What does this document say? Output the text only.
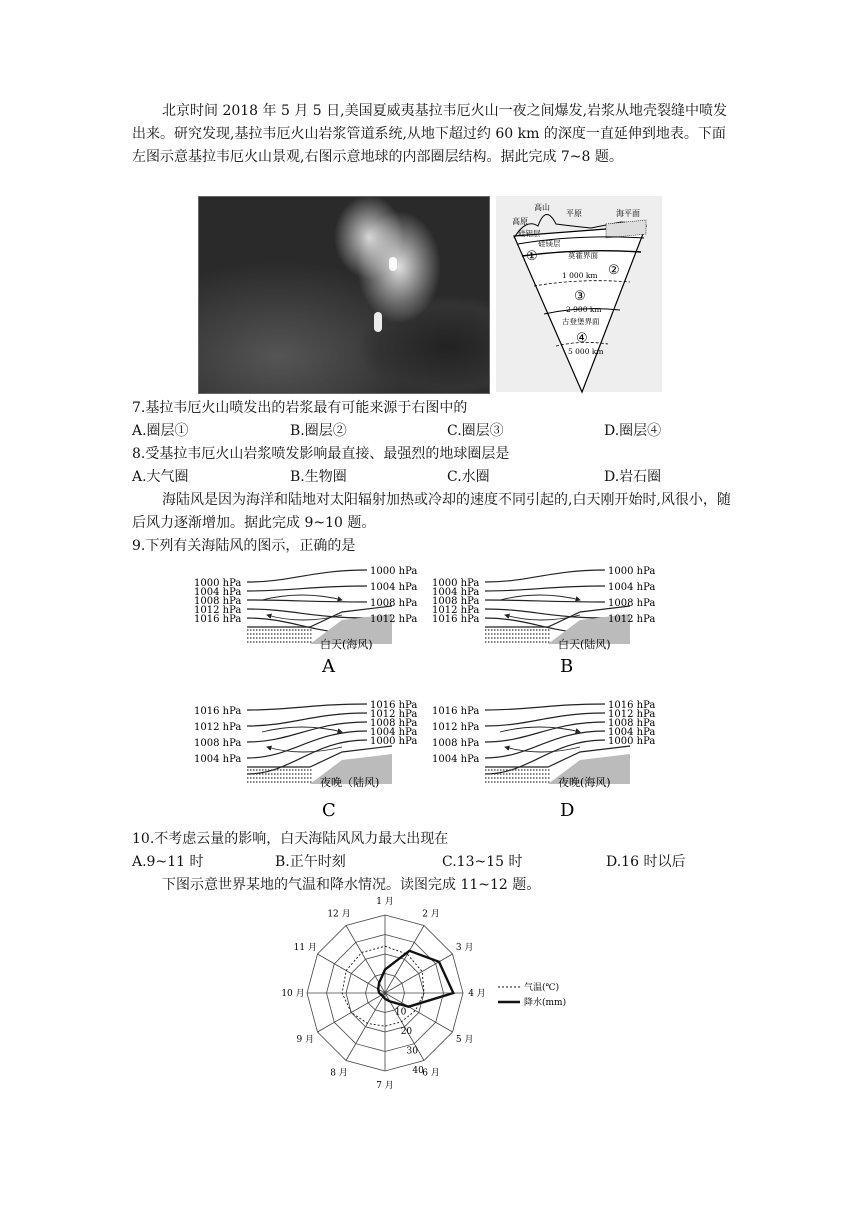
北京时间 2018 年 5 月 5 日,美国夏威夷基拉韦厄火山一夜之间爆发,岩浆从地壳裂缝中喷发出来。研究发现,基拉韦厄火山岩浆管道系统,从地下超过约 60 km 的深度一直延伸到地表。下面左图示意基拉韦厄火山景观,右图示意地球的内部圈层结构。据此完成 7~8 题。
高山
高原
平原	海平面
硅铝层
硅镁层
莫霍界面
①
②
1 000 km
③
2 900 km
古登堡界面
④
5 000 km
7.基拉韦厄火山喷发出的岩浆最有可能来源于右图中的
A.圈层①	B.圈层②	C.圈层③	D.圈层④
8.受基拉韦厄火山岩浆喷发影响最直接、最强烈的地球圈层是
A.大气圈	B.生物圈	C.水圈	D.岩石圈
海陆风是因为海洋和陆地对太阳辐射加热或冷却的速度不同引起的,白天刚开始时,风很小，随后风力逐渐增加。据此完成 9~10 题。
9.下列有关海陆风的图示，正确的是
1000 hPa
1004 hPa
1008 hPa
1012 hPa
1016 hPa
1000 hPa
1004 hPa
1008 hPa
1012 hPa
白天(海风)
A
1000 hPa
1004 hPa
1008 hPa
1012 hPa
1016 hPa
1000 hPa
1004 hPa
1008 hPa
1012 hPa
白天(陆风)
B
1016 hPa
1012 hPa
1008 hPa
1004 hPa
1016 hPa
1012 hPa
1008 hPa
1004 hPa
1000 hPa
夜晚（陆风)
C
1016 hPa
1012 hPa
1008 hPa
1004 hPa
1016 hPa
1012 hPa
1008 hPa
1004 hPa
1000 hPa
夜晚(海风)
D
10.不考虑云量的影响，白天海陆风风力最大出现在
A.9~11 时	B.正午时刻	C.13~15 时	D.16 时以后
下图示意世界某地的气温和降水情况。读图完成 11~12 题。
1 月
2 月
3 月
4 月
5 月
6 月
7 月
8 月
9 月
10 月
11 月
12 月
10
20
30
40
气温(℃)
降水(mm)
